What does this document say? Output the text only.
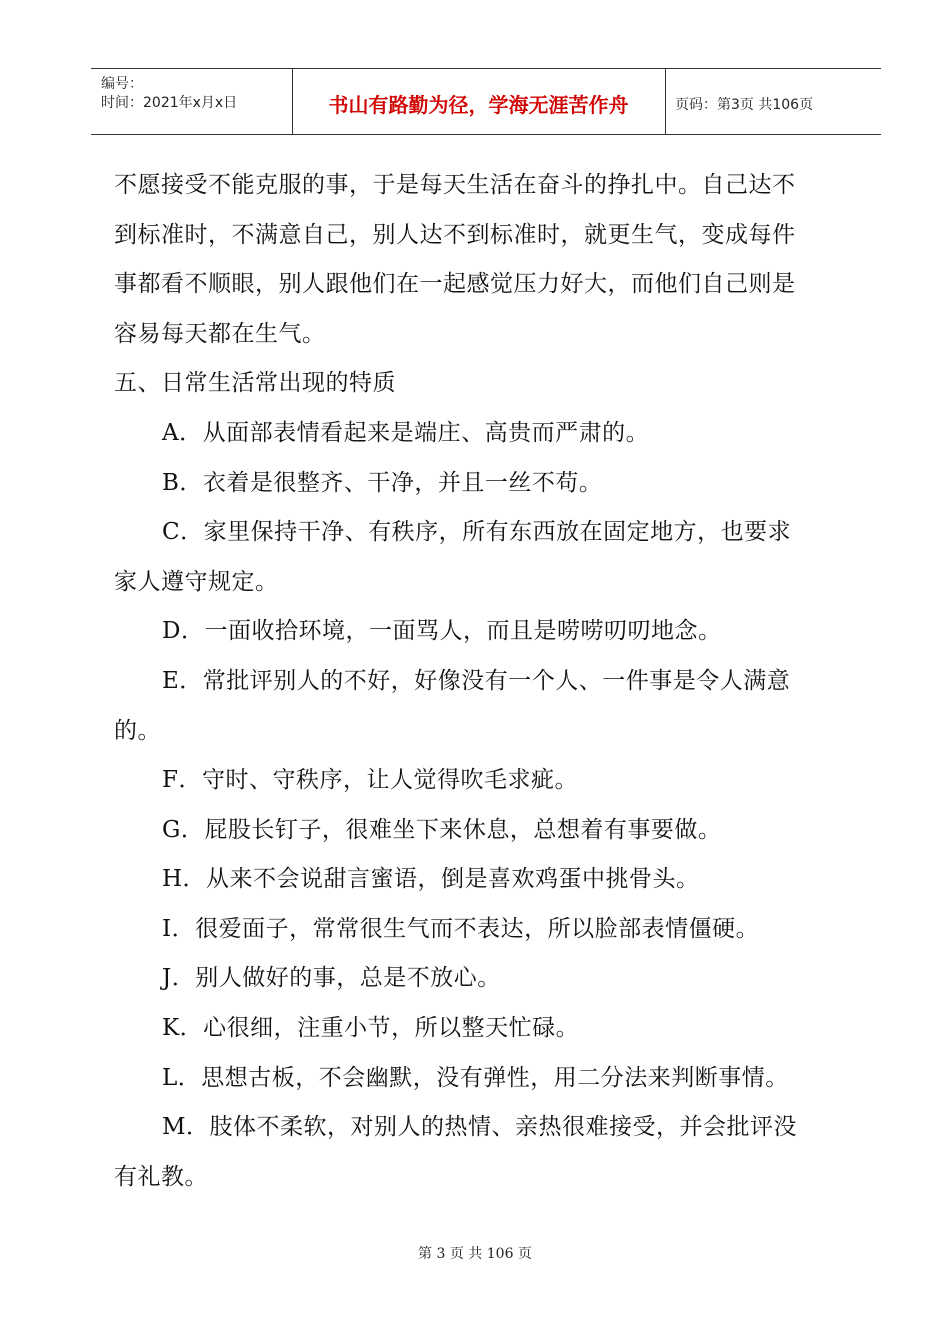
编号：
时间：2021年x月x日	书山有路勤为径，学海无涯苦作舟	页码：第3页 共106页
不愿接受不能克服的事，于是每天生活在奋斗的挣扎中。自己达不
到标准时，不满意自己，别人达不到标准时，就更生气，变成每件
事都看不顺眼，别人跟他们在一起感觉压力好大，而他们自己则是
容易每天都在生气。
五、日常生活常出现的特质
A．从面部表情看起来是端庄、高贵而严肃的。
B．衣着是很整齐、干净，并且一丝不苟。
C．家里保持干净、有秩序，所有东西放在固定地方，也要求
家人遵守规定。
D．一面收拾环境，一面骂人，而且是唠唠叨叨地念。
E．常批评别人的不好，好像没有一个人、一件事是令人满意
的。
F．守时、守秩序，让人觉得吹毛求疵。
G．屁股长钉子，很难坐下来休息，总想着有事要做。
H．从来不会说甜言蜜语，倒是喜欢鸡蛋中挑骨头。
I．很爱面子，常常很生气而不表达，所以脸部表情僵硬。
J．别人做好的事，总是不放心。
K．心很细，注重小节，所以整天忙碌。
L．思想古板，不会幽默，没有弹性，用二分法来判断事情。
M．肢体不柔软，对别人的热情、亲热很难接受，并会批评没
有礼教。
第 3 页 共 106 页
